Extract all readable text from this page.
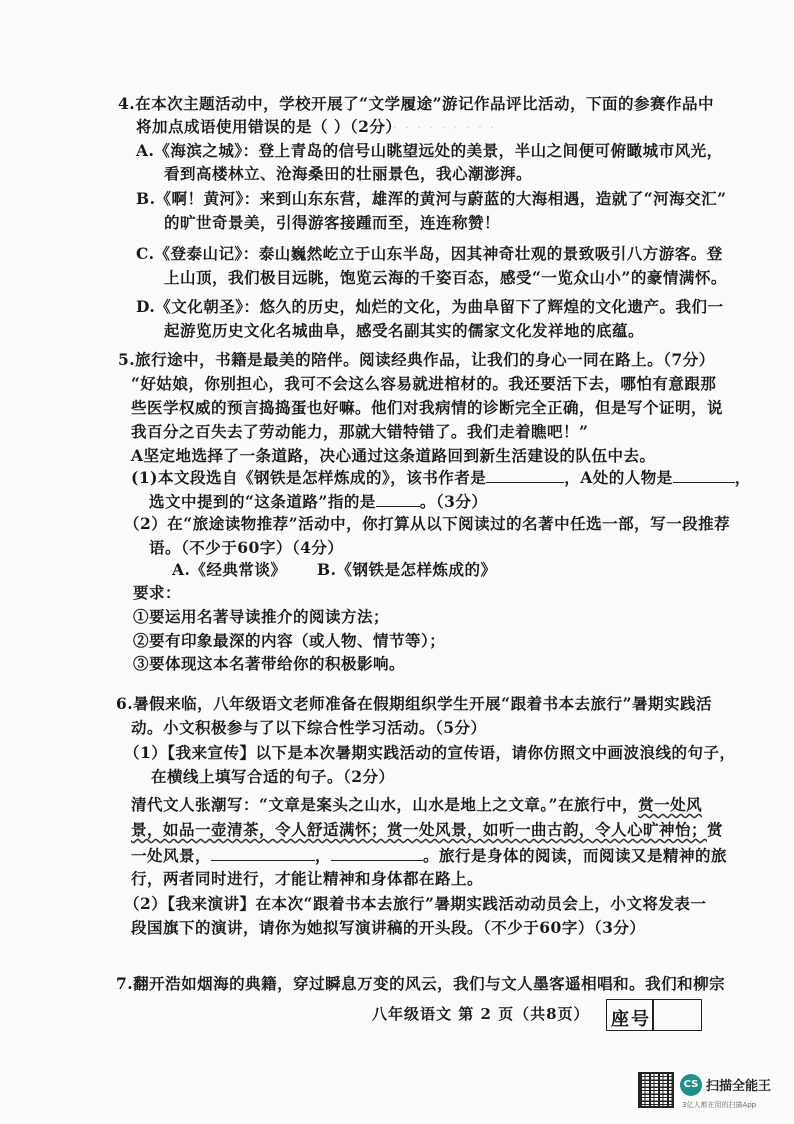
· · · · · · · · · ·
4.在本次主题活动中，学校开展了“文学履途”游记作品评比活动，下面的参赛作品中
将加点成语使用错误的是（ ）（2分）
A.《海滨之城》：登上青岛的信号山眺望远处的美景，半山之间便可俯瞰城市风光，
看到高楼林立、沧海桑田的壮丽景色，我心潮澎湃。
B.《啊！黄河》：来到山东东营，雄浑的黄河与蔚蓝的大海相遇，造就了“河海交汇”
的旷世奇景美，引得游客接踵而至，连连称赞！
C.《登泰山记》：泰山巍然屹立于山东半岛，因其神奇壮观的景致吸引八方游客。登
上山顶，我们极目远眺，饱览云海的千姿百态，感受“一览众山小”的豪情满怀。
D.《文化朝圣》：悠久的历史，灿烂的文化，为曲阜留下了辉煌的文化遗产。我们一
起游览历史文化名城曲阜，感受名副其实的儒家文化发祥地的底蕴。
5.旅行途中，书籍是最美的陪伴。阅读经典作品，让我们的身心一同在路上。（7分）
“好姑娘，你别担心，我可不会这么容易就进棺材的。我还要活下去，哪怕有意跟那
些医学权威的预言捣捣蛋也好嘛。他们对我病情的诊断完全正确，但是写个证明，说
我百分之百失去了劳动能力，那就大错特错了。我们走着瞧吧！”
A坚定地选择了一条道路，决心通过这条道路回到新生活建设的队伍中去。
(1)本文段选自《钢铁是怎样炼成的》，该书作者是	，A处的人物是	，
选文中提到的“这条道路”指的是	。（3分）
（2）在“旅途读物推荐”活动中，你打算从以下阅读过的名著中任选一部，写一段推荐
语。（不少于60字）（4分）
A.《经典常谈》 B.《钢铁是怎样炼成的》
要求：
①要运用名著导读推介的阅读方法；
②要有印象最深的内容（或人物、情节等）；
③要体现这本名著带给你的积极影响。
6.暑假来临，八年级语文老师准备在假期组织学生开展“跟着书本去旅行”暑期实践活
动。小文积极参与了以下综合性学习活动。（5分）
（1）【我来宣传】以下是本次暑期实践活动的宣传语，请你仿照文中画波浪线的句子，
在横线上填写合适的句子。（2分）
清代文人张潮写：“文章是案头之山水，山水是地上之文章。”在旅行中，赏一处风
景，如品一壶清茶，令人舒适满怀；赏一处风景，如听一曲古韵，令人心旷神怡；赏
一处风景，	，	。旅行是身体的阅读，而阅读又是精神的旅
行，两者同时进行，才能让精神和身体都在路上。
（2）【我来演讲】在本次“跟着书本去旅行”暑期实践活动动员会上，小文将发表一
段国旗下的演讲，请你为她拟写演讲稿的开头段。（不少于60字）（3分）
7.翻开浩如烟海的典籍，穿过瞬息万变的风云，我们与文人墨客遥相唱和。我们和柳宗
八年级语文 第 2 页（共8页） 座号
CS 扫描全能王
3亿人都在用的扫描App
